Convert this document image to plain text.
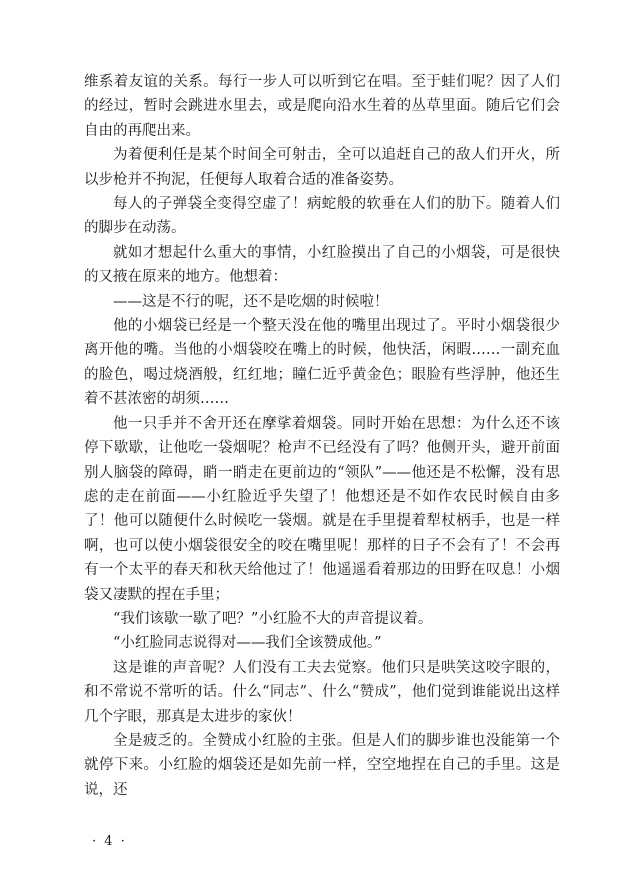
维系着友谊的关系。每行一步人可以听到它在唱。至于蛙们呢？因了人们的经过，暂时会跳进水里去，或是爬向沿水生着的丛草里面。随后它们会自由的再爬出来。

为着便利任是某个时间全可射击，全可以追赶自己的敌人们开火，所以步枪并不拘泥，任便每人取着合适的准备姿势。

每人的子弹袋全变得空虚了！病蛇般的软垂在人们的肋下。随着人们的脚步在动荡。

就如才想起什么重大的事情，小红脸摸出了自己的小烟袋，可是很快的又掖在原来的地方。他想着：

——这是不行的呢，还不是吃烟的时候啦！

他的小烟袋已经是一个整天没在他的嘴里出现过了。平时小烟袋很少离开他的嘴。当他的小烟袋咬在嘴上的时候，他快活，闲暇……一副充血的脸色，喝过烧酒般，红红地；瞳仁近乎黄金色；眼脸有些浮肿，他还生着不甚浓密的胡须……

他一只手并不舍开还在摩挲着烟袋。同时开始在思想：为什么还不该停下歇歇，让他吃一袋烟呢？枪声不已经没有了吗？他侧开头，避开前面别人脑袋的障碍，睄一睄走在更前边的“领队”——他还是不松懈，没有思虑的走在前面——小红脸近乎失望了！他想还是不如作农民时候自由多了！他可以随便什么时候吃一袋烟。就是在手里提着犁杖柄手，也是一样啊，也可以使小烟袋很安全的咬在嘴里呢！那样的日子不会有了！不会再有一个太平的春天和秋天给他过了！他遥遥看着那边的田野在叹息！小烟袋又凄默的捏在手里；

“我们该歇一歇了吧？”小红脸不大的声音提议着。

“小红脸同志说得对——我们全该赞成他。”

这是谁的声音呢？人们没有工夫去觉察。他们只是哄笑这咬字眼的，和不常说不常听的话。什么“同志”、什么“赞成”，他们觉到谁能说出这样几个字眼，那真是太进步的家伙！

全是疲乏的。全赞成小红脸的主张。但是人们的脚步谁也没能第一个就停下来。小红脸的烟袋还是如先前一样，空空地捏在自己的手里。这是说，还

· 4 ·
